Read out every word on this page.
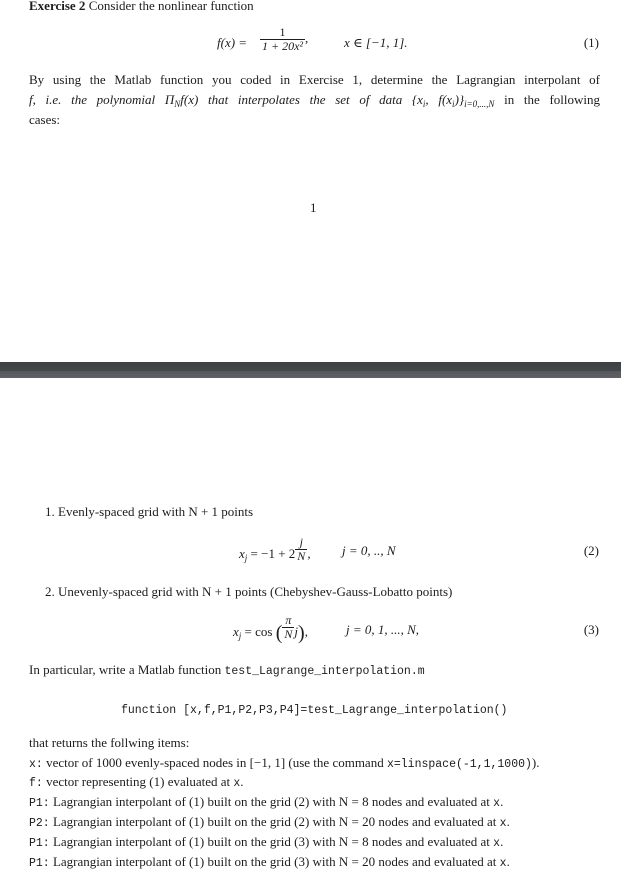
Exercise 2 Consider the nonlinear function
$f(x) = \frac{1}{\text{1 + 20x²}}$ ,	x ∈ [−1, 1].	(1)
By using the Matlab function you coded in Exercise 1, determine the Lagrangian interpolant of
f, i.e. the polynomial $\Pi_Nf(x)$ that interpolates the set of data {$x_i$, $f(x_i)\}_{i=0,...,N}$ in the following
cases:
1
1. Evenly-spaced grid with N + 1 points
$x_j = -1 + 2 \frac{j}{N}$ , j = 0, .., N	(2)
2. Unevenly-spaced grid with N + 1 points (Chebyshev-Gauss-Lobatto points)
$x_j = \cos$ ( $\frac{\pi}{N} j$),	j = 0, 1, ..., N,	(3)
In particular, write a Matlab function test_Lagrange_interpolation.m
function [x,f,P1,P2,P3,P4]=test_Lagrange_interpolation()
that returns the follwing items:
x: vector of 1000 evenly-spaced nodes in [−1, 1] (use the command x=linspace(-1,1,1000)).
f: vector representing (1) evaluated at x.
P1: Lagrangian interpolant of (1) built on the grid (2) with N = 8 nodes and evaluated at x.
P2: Lagrangian interpolant of (1) built on the grid (2) with N = 20 nodes and evaluated at x.
P1: Lagrangian interpolant of (1) built on the grid (3) with N = 8 nodes and evaluated at x.
P1: Lagrangian interpolant of (1) built on the grid (3) with N = 20 nodes and evaluated at x.
